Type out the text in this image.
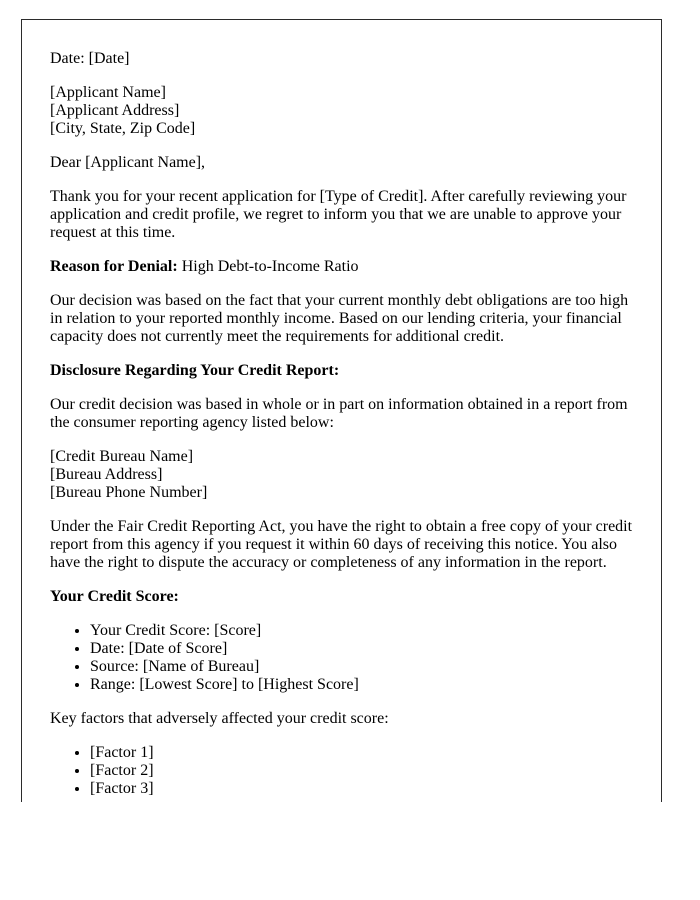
Date: [Date]

[Applicant Name]
[Applicant Address]
[City, State, Zip Code]

Dear [Applicant Name],

Thank you for your recent application for [Type of Credit]. After carefully reviewing your application and credit profile, we regret to inform you that we are unable to approve your request at this time.

Reason for Denial: High Debt-to-Income Ratio

Our decision was based on the fact that your current monthly debt obligations are too high in relation to your reported monthly income. Based on our lending criteria, your financial capacity does not currently meet the requirements for additional credit.

Disclosure Regarding Your Credit Report:

Our credit decision was based in whole or in part on information obtained in a report from the consumer reporting agency listed below:

[Credit Bureau Name]
[Bureau Address]
[Bureau Phone Number]

Under the Fair Credit Reporting Act, you have the right to obtain a free copy of your credit report from this agency if you request it within 60 days of receiving this notice. You also have the right to dispute the accuracy or completeness of any information in the report.

Your Credit Score:

• Your Credit Score: [Score]
• Date: [Date of Score]
• Source: [Name of Bureau]
• Range: [Lowest Score] to [Highest Score]

Key factors that adversely affected your credit score:

• [Factor 1]
• [Factor 2]
• [Factor 3]
